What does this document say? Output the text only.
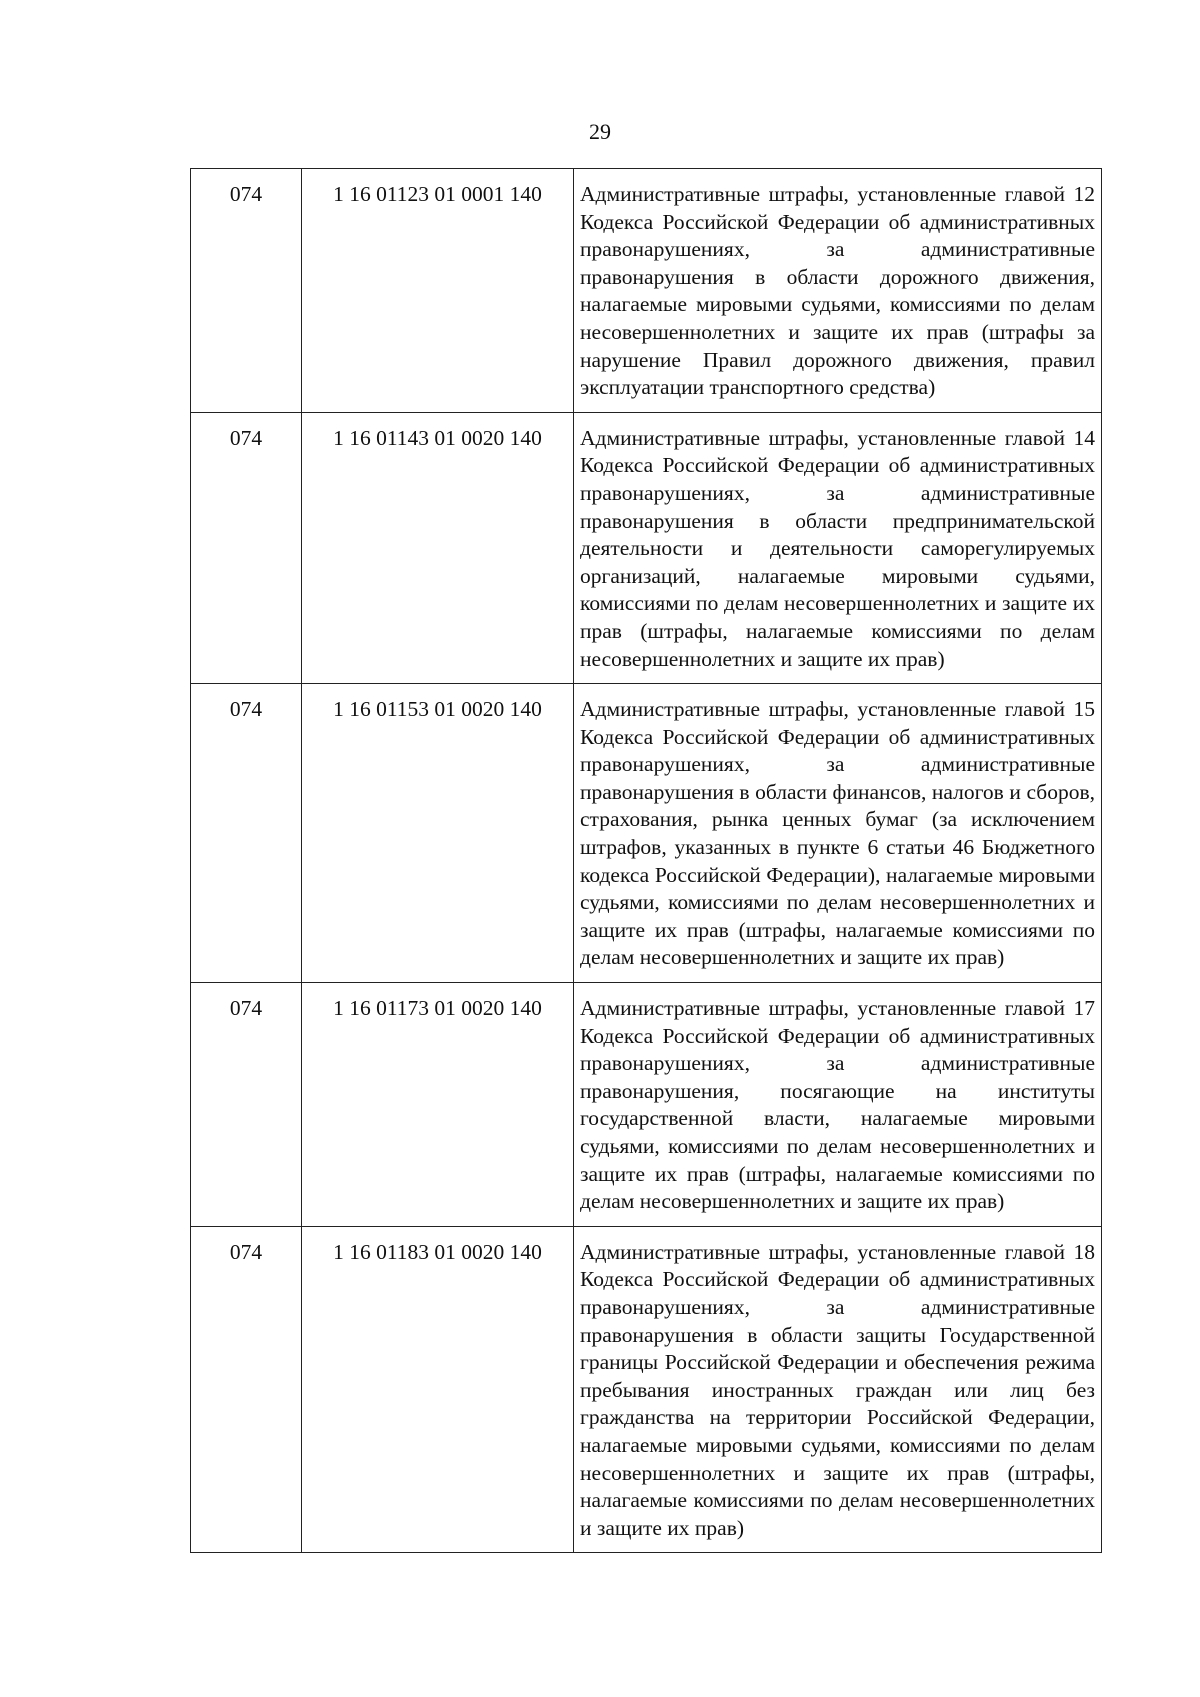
29
074	1 16 01123 01 0001 140	Административные штрафы, установленные главой 12 Кодекса Российской Федерации об административных правонарушениях, за административные правонарушения в области дорожного движения, налагаемые мировыми судьями, комиссиями по делам несовершеннолетних и защите их прав (штрафы за нарушение Правил дорожного движения, правил эксплуатации транспортного средства)
074	1 16 01143 01 0020 140	Административные штрафы, установленные главой 14 Кодекса Российской Федерации об административных правонарушениях, за административные правонарушения в области предпринимательской деятельности и деятельности саморегулируемых организаций, налагаемые мировыми судьями, комиссиями по делам несовершеннолетних и защите их прав (штрафы, налагаемые комиссиями по делам несовершеннолетних и защите их прав)
074	1 16 01153 01 0020 140	Административные штрафы, установленные главой 15 Кодекса Российской Федерации об административных правонарушениях, за административные правонарушения в области финансов, налогов и сборов, страхования, рынка ценных бумаг (за исключением штрафов, указанных в пункте 6 статьи 46 Бюджетного кодекса Российской Федерации), налагаемые мировыми судьями, комиссиями по делам несовершеннолетних и защите их прав (штрафы, налагаемые комиссиями по делам несовершеннолетних и защите их прав)
074	1 16 01173 01 0020 140	Административные штрафы, установленные главой 17 Кодекса Российской Федерации об административных правонарушениях, за административные правонарушения, посягающие на институты государственной власти, налагаемые мировыми судьями, комиссиями по делам несовершеннолетних и защите их прав (штрафы, налагаемые комиссиями по делам несовершеннолетних и защите их прав)
074	1 16 01183 01 0020 140	Административные штрафы, установленные главой 18 Кодекса Российской Федерации об административных правонарушениях, за административные правонарушения в области защиты Государственной границы Российской Федерации и обеспечения режима пребывания иностранных граждан или лиц без гражданства на территории Российской Федерации, налагаемые мировыми судьями, комиссиями по делам несовершеннолетних и защите их прав (штрафы, налагаемые комиссиями по делам несовершеннолетних и защите их прав)
